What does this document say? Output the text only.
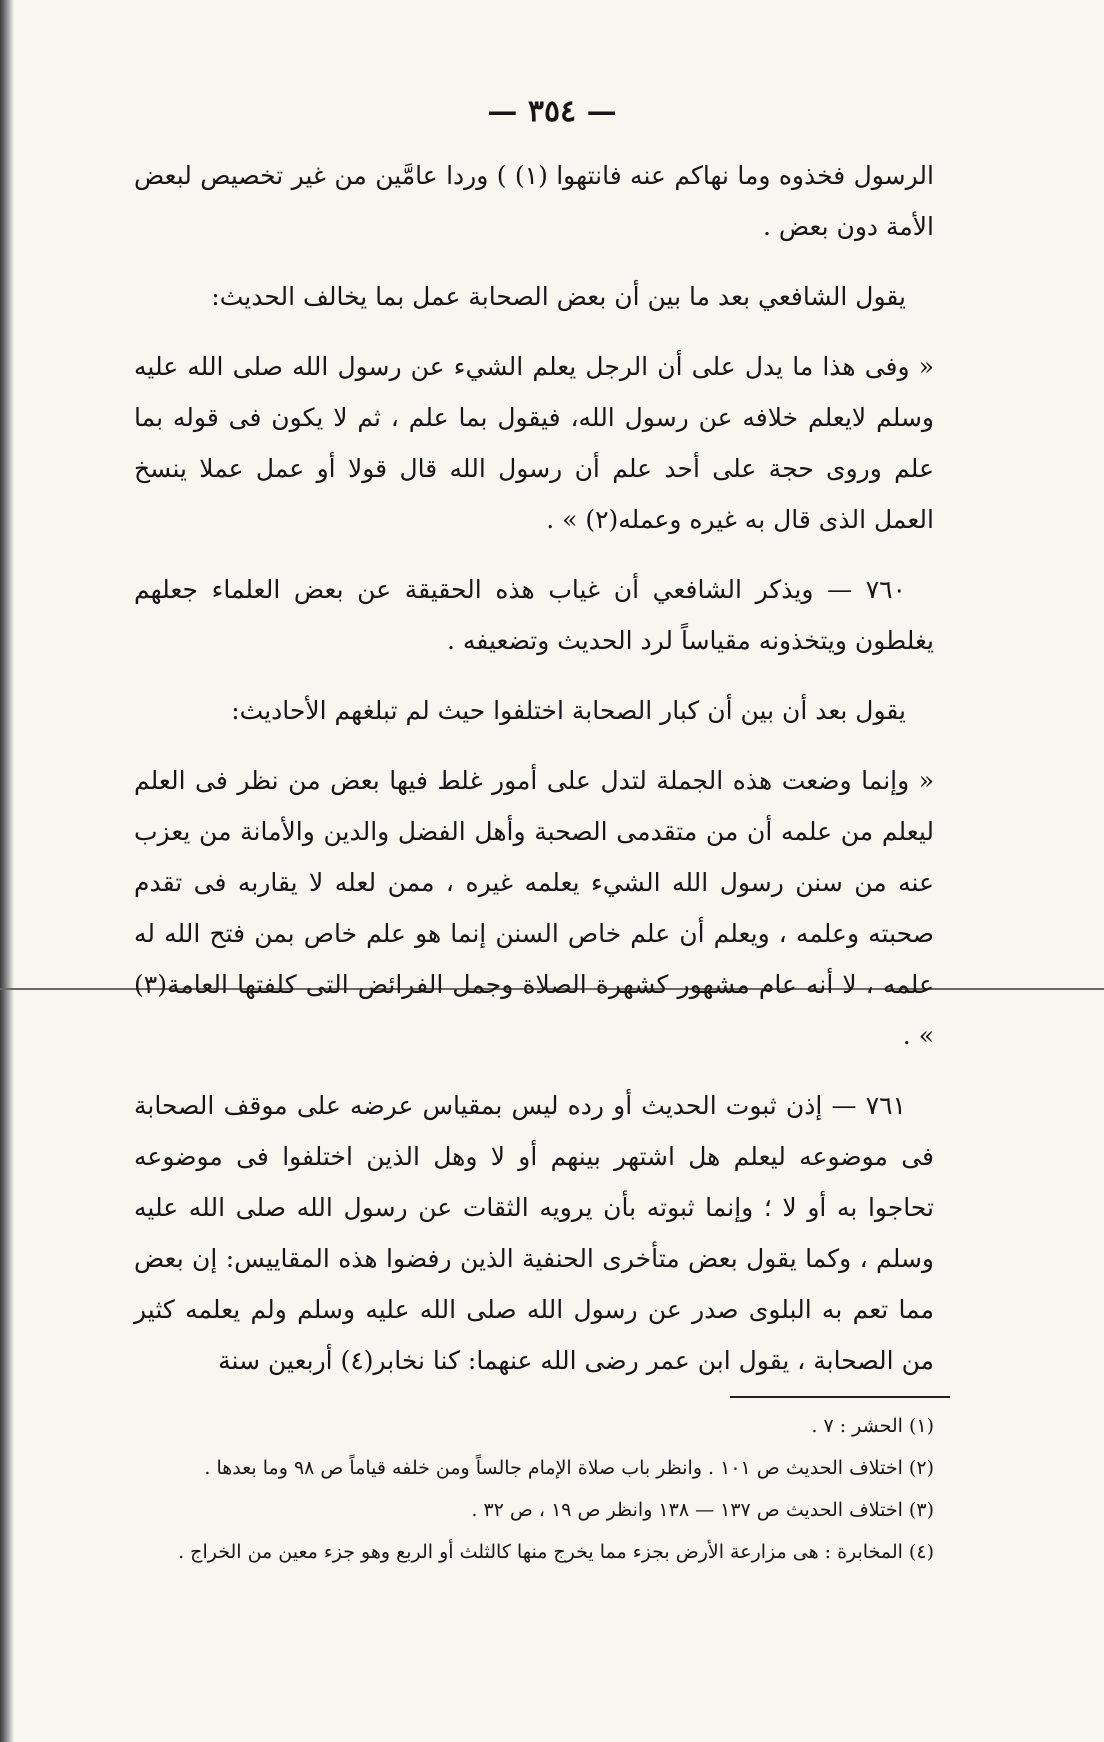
— ٣٥٤ —

الرسول فخذوه وما نهاكم عنه فانتهوا (١) ) وردا عامَّين من غير تخصيص لبعض الأمة دون بعض .

يقول الشافعي بعد ما بين أن بعض الصحابة عمل بما يخالف الحديث:

« وفى هذا ما يدل على أن الرجل يعلم الشيء عن رسول الله صلى الله عليه وسلم لايعلم خلافه عن رسول الله، فيقول بما علم ، ثم لا يكون فى قوله بما علم وروى حجة على أحد علم أن رسول الله قال قولا أو عمل عملا ينسخ العمل الذى قال به غيره وعمله(٢) » .

٧٦٠ — ويذكر الشافعي أن غياب هذه الحقيقة عن بعض العلماء جعلهم يغلطون ويتخذونه مقياساً لرد الحديث وتضعيفه .

يقول بعد أن بين أن كبار الصحابة اختلفوا حيث لم تبلغهم الأحاديث:

« وإنما وضعت هذه الجملة لتدل على أمور غلط فيها بعض من نظر فى العلم ليعلم من علمه أن من متقدمى الصحبة وأهل الفضل والدين والأمانة من يعزب عنه من سنن رسول الله الشيء يعلمه غيره ، ممن لعله لا يقاربه فى تقدم صحبته وعلمه ، ويعلم أن علم خاص السنن إنما هو علم خاص بمن فتح الله له علمه ، لا أنه عام مشهور كشهرة الصلاة وجمل الفرائض التى كلفتها العامة(٣) » .

٧٦١ — إذن ثبوت الحديث أو رده ليس بمقياس عرضه على موقف الصحابة فى موضوعه ليعلم هل اشتهر بينهم أو لا وهل الذين اختلفوا فى موضوعه تحاجوا به أو لا ؛ وإنما ثبوته بأن يرويه الثقات عن رسول الله صلى الله عليه وسلم ، وكما يقول بعض متأخرى الحنفية الذين رفضوا هذه المقاييس: إن بعض مما تعم به البلوى صدر عن رسول الله صلى الله عليه وسلم ولم يعلمه كثير من الصحابة ، يقول ابن عمر رضى الله عنهما: كنا نخابر(٤) أربعين سنة

(١) الحشر : ٧ .

(٢) اختلاف الحديث ص ١٠١ . وانظر باب صلاة الإمام جالساً ومن خلفه قياماً ص ٩٨ وما بعدها .

(٣) اختلاف الحديث ص ١٣٧ — ١٣٨ وانظر ص ١٩ ، ص ٣٢ .

(٤) المخابرة : هى مزارعة الأرض بجزء مما يخرج منها كالثلث أو الربع وهو جزء معين من الخراج .
